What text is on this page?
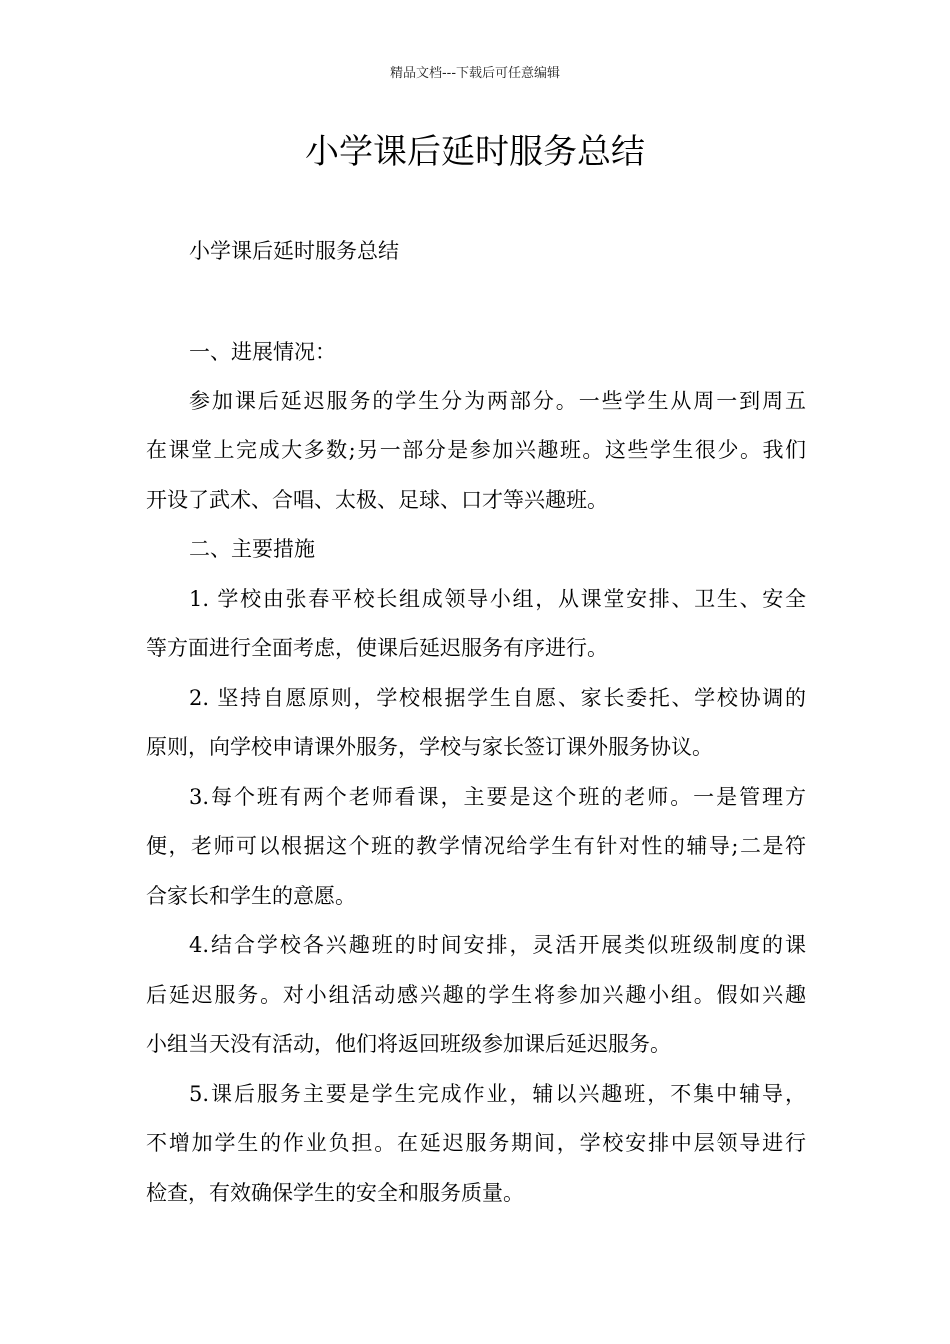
精品文档---下载后可任意编辑
小学课后延时服务总结
小学课后延时服务总结
一、进展情况：
参加课后延迟服务的学生分为两部分。一些学生从周一到周五
在课堂上完成大多数;另一部分是参加兴趣班。这些学生很少。我们
开设了武术、合唱、太极、足球、口才等兴趣班。
二、主要措施
1. 学校由张春平校长组成领导小组，从课堂安排、卫生、安全
等方面进行全面考虑，使课后延迟服务有序进行。
2. 坚持自愿原则，学校根据学生自愿、家长委托、学校协调的
原则，向学校申请课外服务，学校与家长签订课外服务协议。
3.每个班有两个老师看课，主要是这个班的老师。一是管理方
便，老师可以根据这个班的教学情况给学生有针对性的辅导;二是符
合家长和学生的意愿。
4.结合学校各兴趣班的时间安排，灵活开展类似班级制度的课
后延迟服务。对小组活动感兴趣的学生将参加兴趣小组。假如兴趣
小组当天没有活动，他们将返回班级参加课后延迟服务。
5.课后服务主要是学生完成作业，辅以兴趣班，不集中辅导，
不增加学生的作业负担。在延迟服务期间，学校安排中层领导进行
检查，有效确保学生的安全和服务质量。
